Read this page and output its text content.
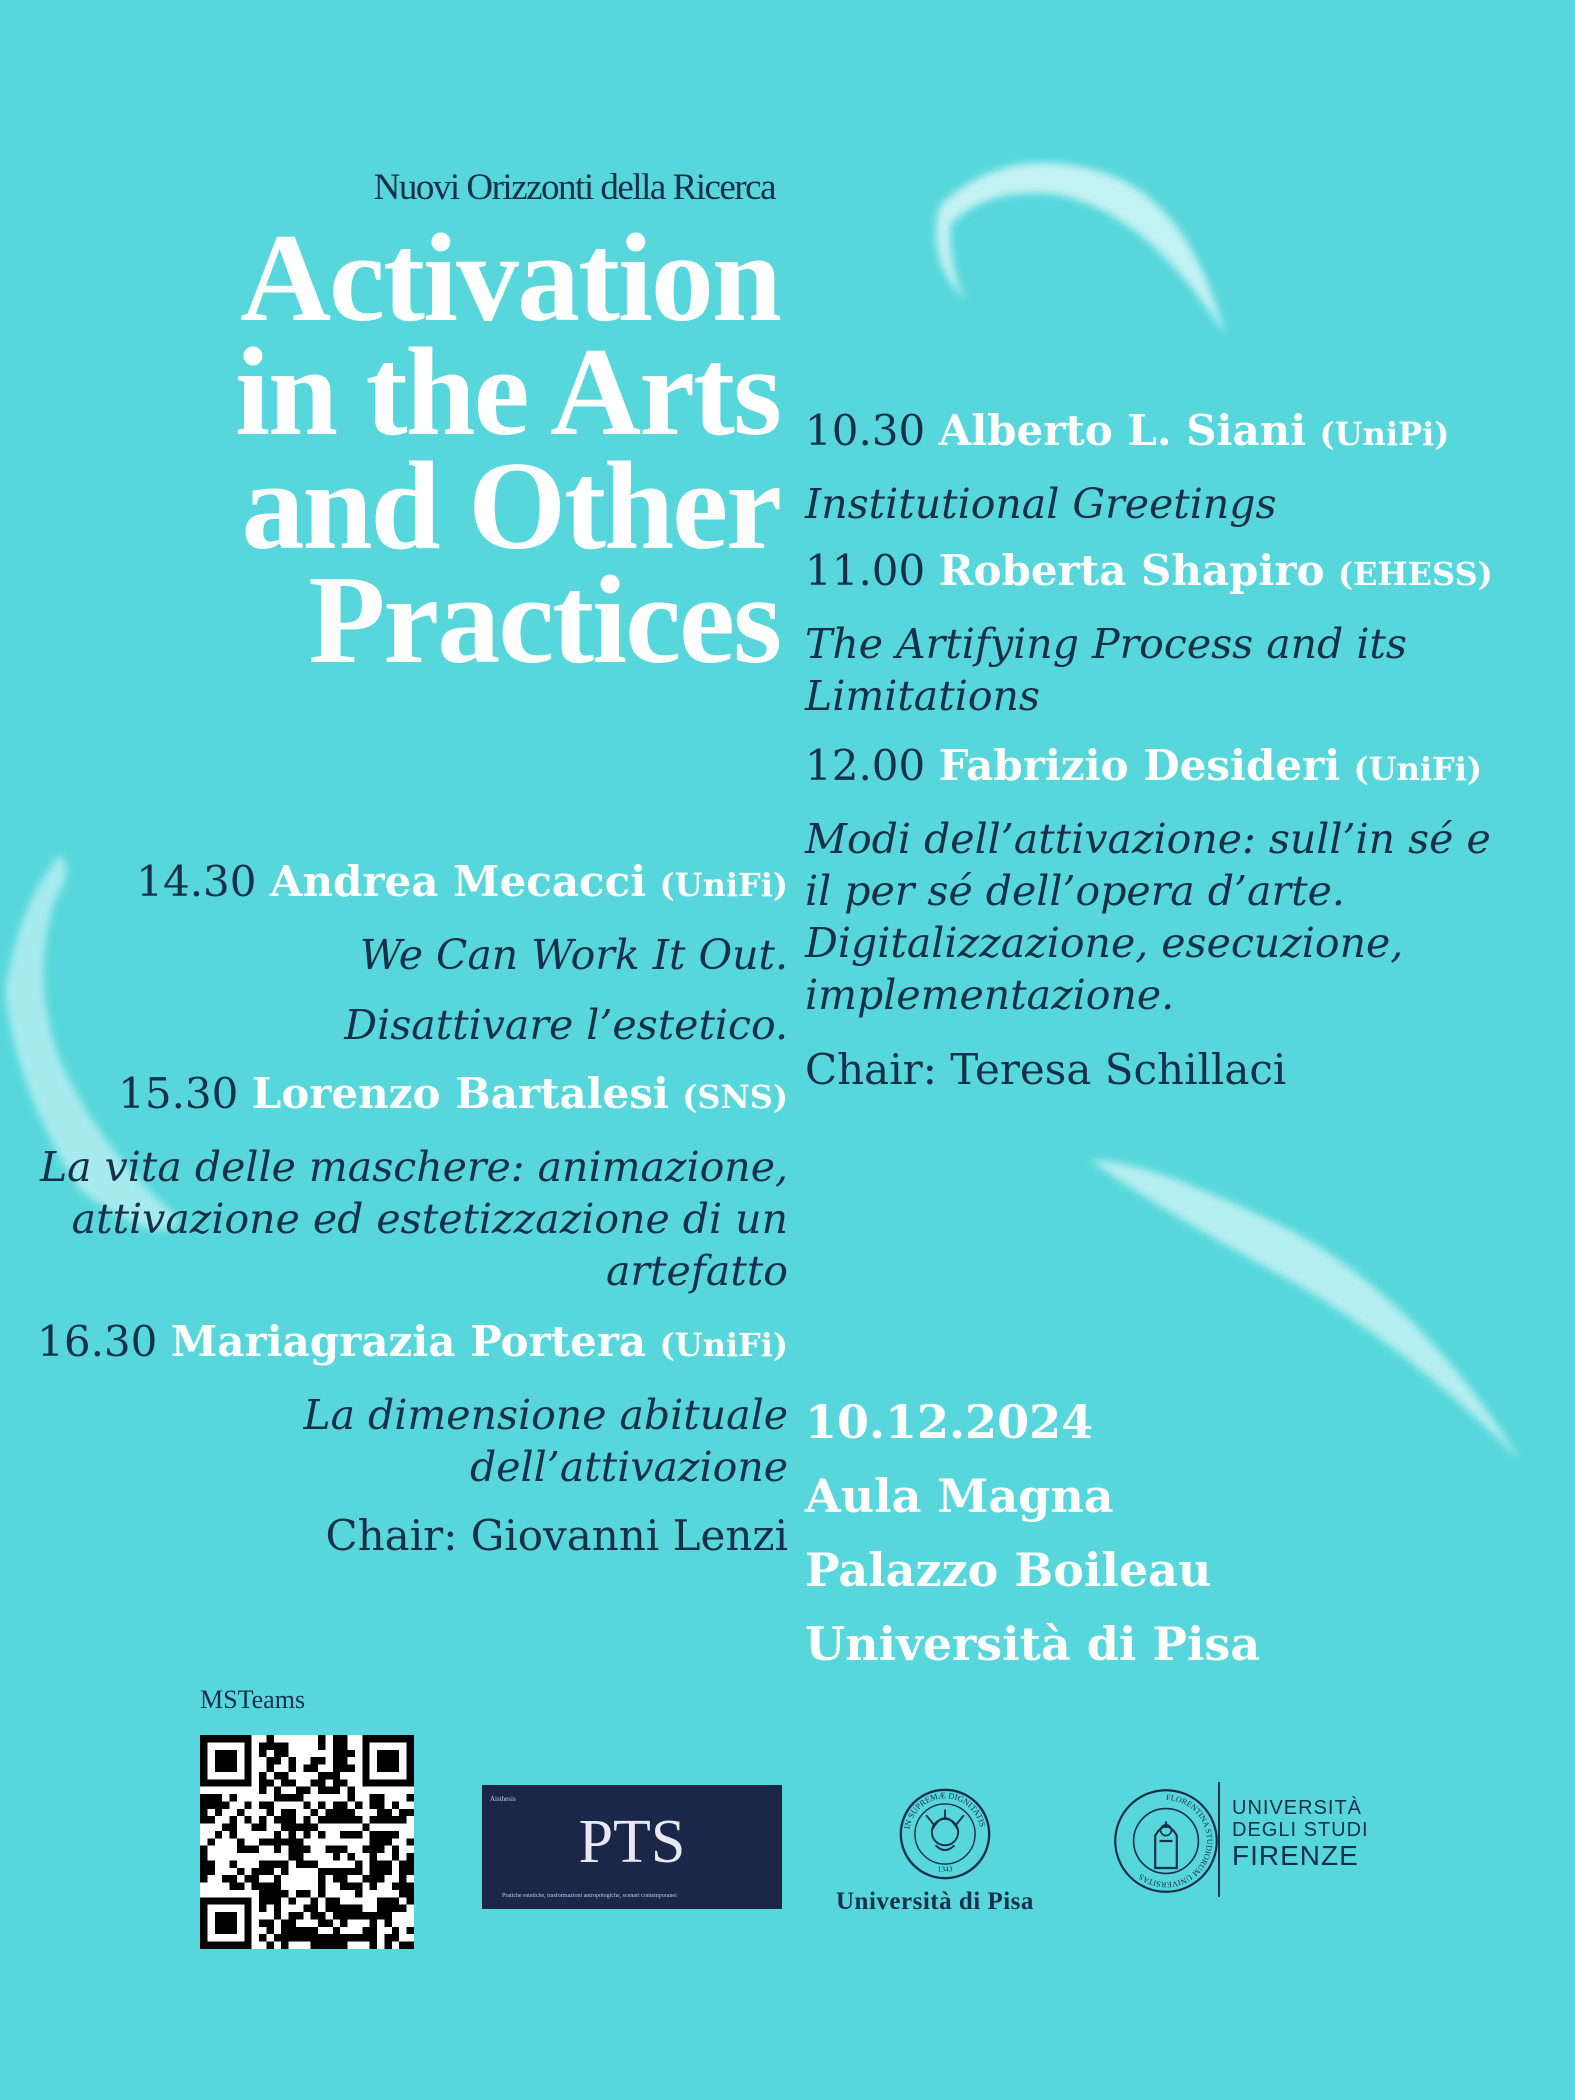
Nuovi Orizzonti della Ricerca
Activation
in the Arts
and Other
Practices
10.30 Alberto L. Siani (UniPi)
Institutional Greetings
11.00 Roberta Shapiro (EHESS)
The Artifying Process and its
Limitations
12.00 Fabrizio Desideri (UniFi)
Modi dell’attivazione: sull’in sé e
il per sé dell’opera d’arte.
Digitalizzazione, esecuzione,
implementazione.
Chair: Teresa Schillaci
14.30 Andrea Mecacci (UniFi)
We Can Work It Out.
Disattivare l’estetico.
15.30 Lorenzo Bartalesi (SNS)
La vita delle maschere: animazione,
attivazione ed estetizzazione di un
artefatto
16.30 Mariagrazia Portera (UniFi)
La dimensione abituale
dell’attivazione
Chair: Giovanni Lenzi
10.12.2024
Aula Magna
Palazzo Boileau
Università di Pisa
MSTeams
Aisthesis
PTS
Pratiche estetiche, trasformazioni antropologiche, scenari contemporanei
IN SUPREMÆ DIGNITATIS
1343
Università di Pisa
FLORENTINA STUDIORUM UNIVERSITAS
UNIVERSITÀ
DEGLI STUDI
FIRENZE
